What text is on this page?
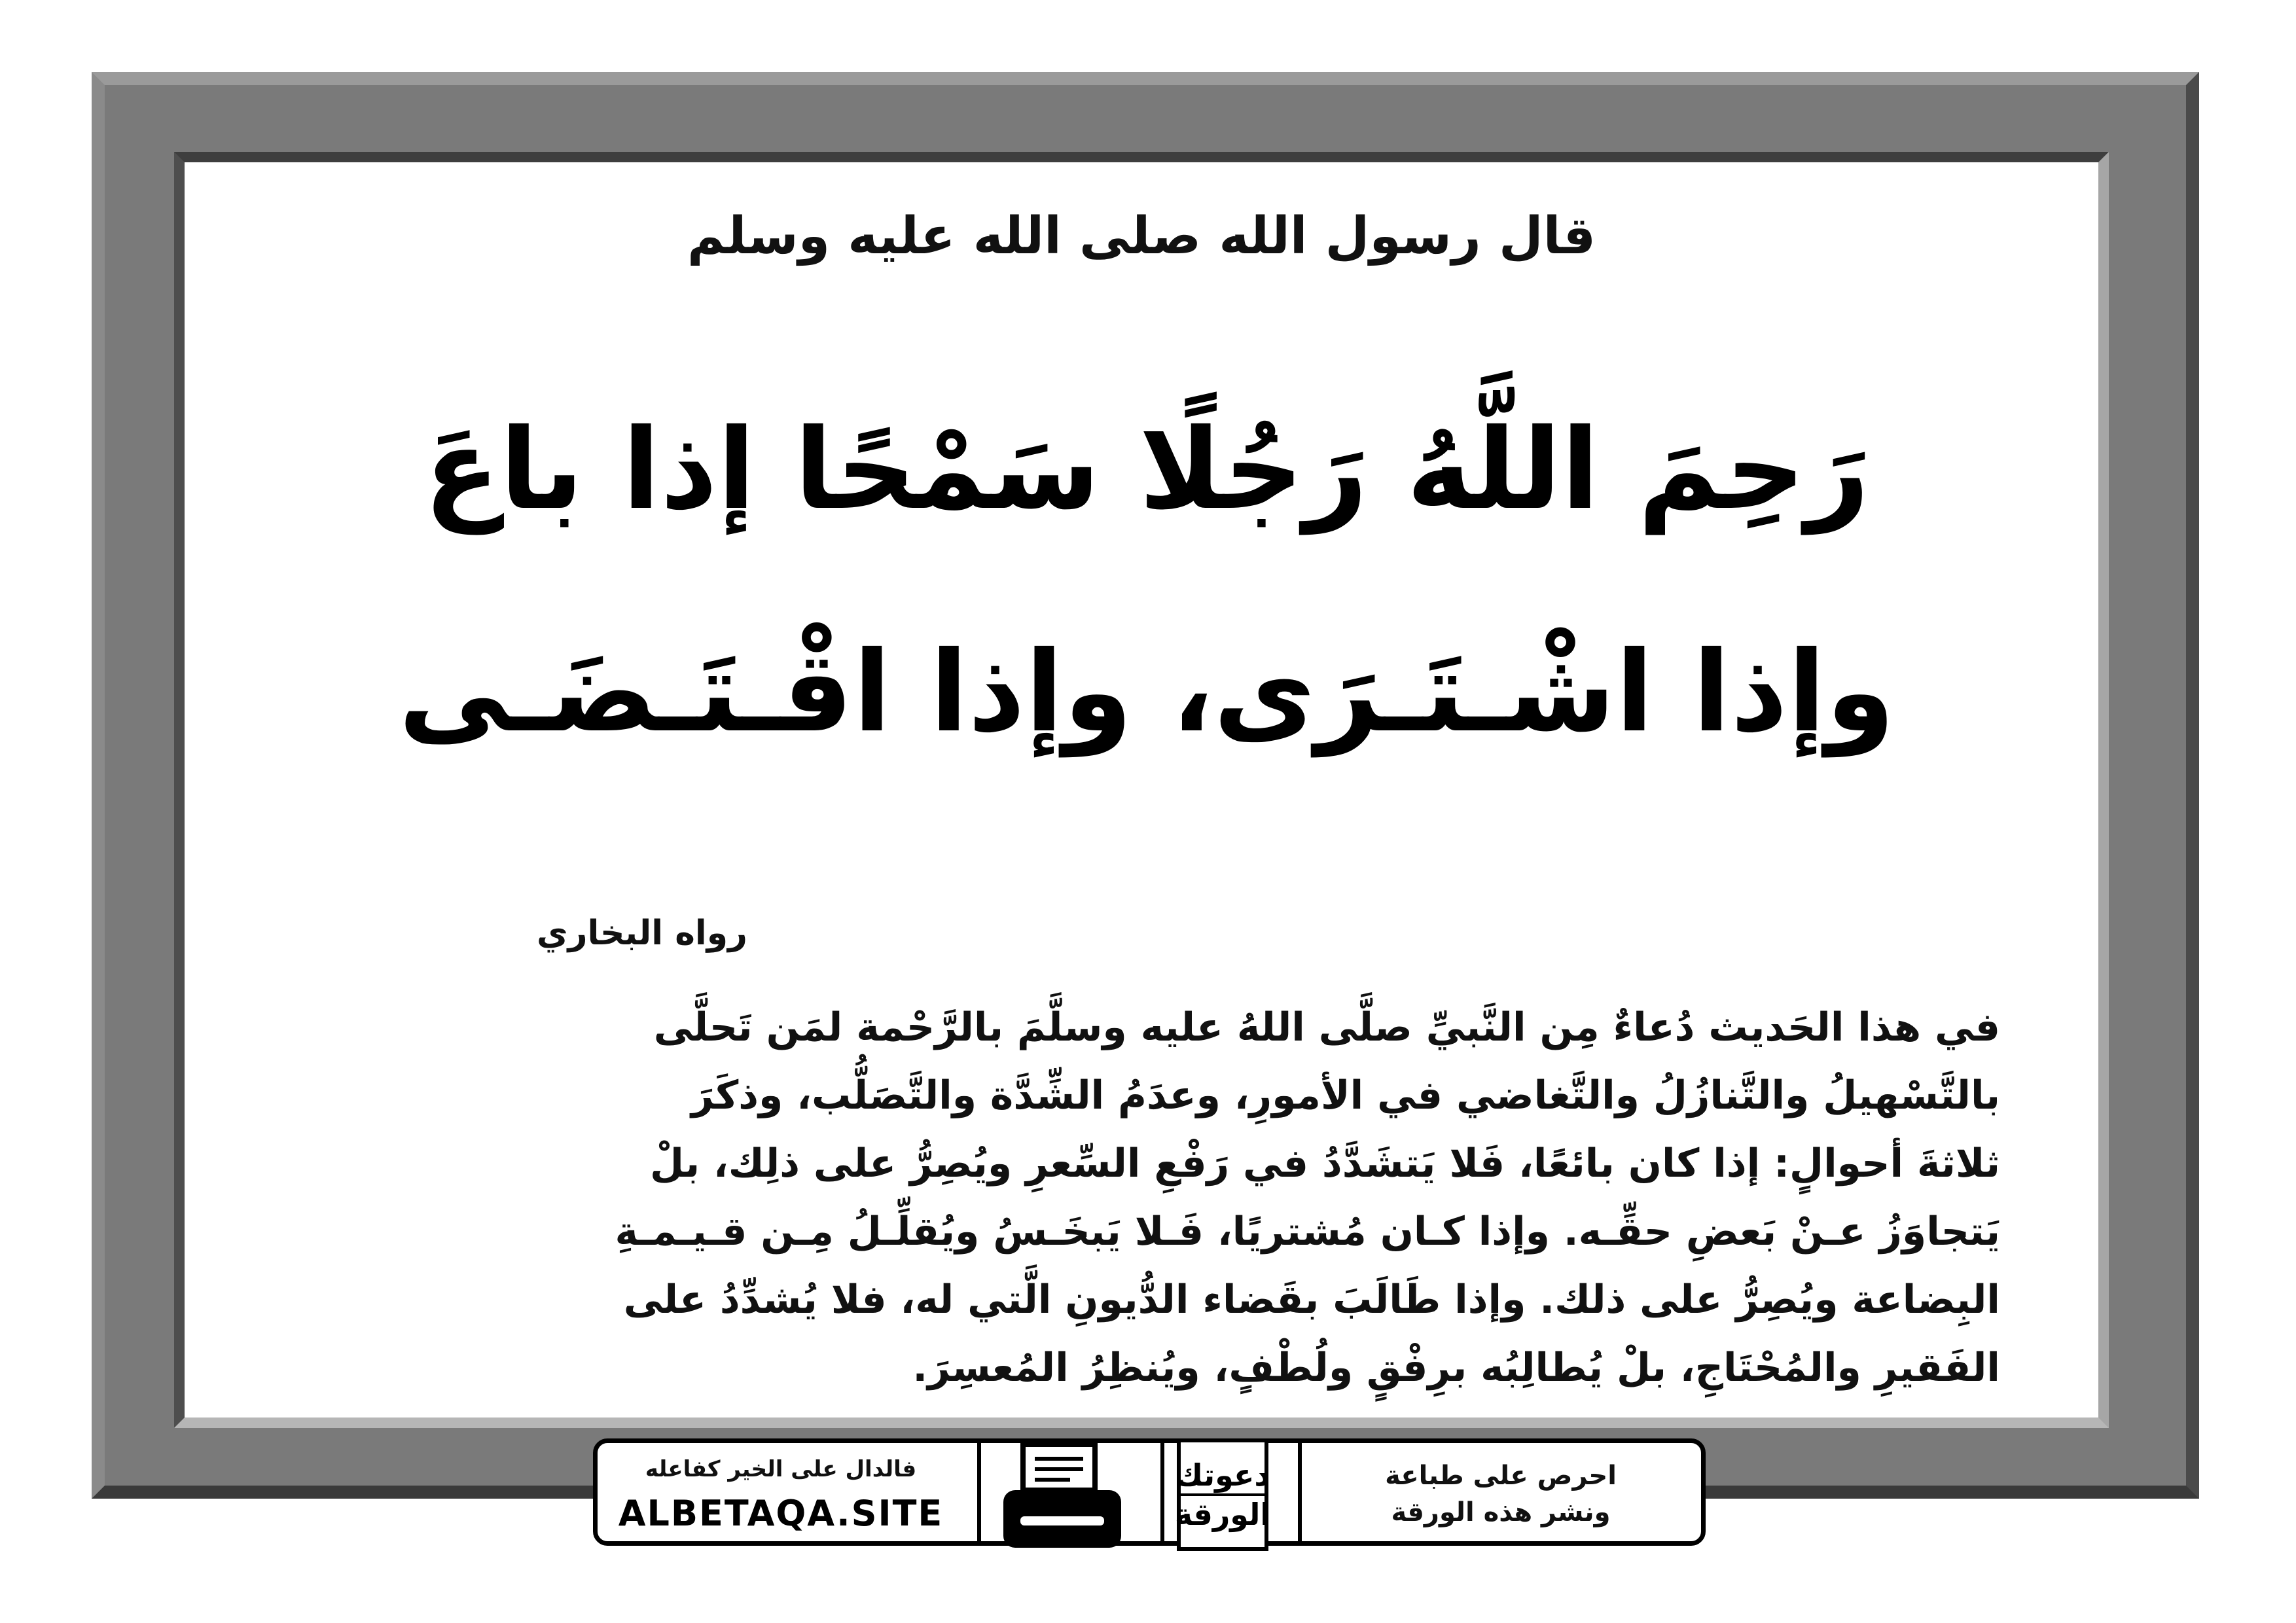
قال رسول الله صلى الله عليه وسلم
رَحِمَ اللَّهُ رَجُلًا سَمْحًا إذا باعَ
وإذا اشْـتَـرَى، وإذا اقْـتَـضَـى
رواه البخاري
في هذا الحَديث دُعاءٌ مِن النَّبيِّ صلَّى اللهُ عليه وسلَّمَ بالرَّحْمة لمَن تَحلَّى
بالتَّسْهيلُ والتَّنازُلُ والتَّغاضي في الأمورِ، وعدَمُ الشِّدَّة والتَّصَلُّب، وذكَرَ
ثلاثةَ أحوالٍ: إذا كان بائعًا، فَلا يَتشَدَّدُ في رَفْعِ السِّعرِ ويُصِرُّ على ذلِك، بلْ
يَتجاوَزُ عـنْ بَعضِ حقِّـه. وإذا كـان مُشتريًا، فَـلا يَبخَـسُ ويُقلِّـلُ مِـن قـيـمـةِ
البِضاعة ويُصِرُّ على ذلك. وإذا طَالَبَ بقَضاء الدُّيونِ الَّتي له، فلا يُشدِّدُ على
الفَقيرِ والمُحْتَاجِ، بلْ يُطالِبُه برِفْقٍ ولُطْفٍ، ويُنظِرُ المُعسِرَ.
فالدال على الخير كفاعله
ALBETAQA.SITE
دعوتك
الورقة
احرص على طباعة
ونشر هذه الورقة
